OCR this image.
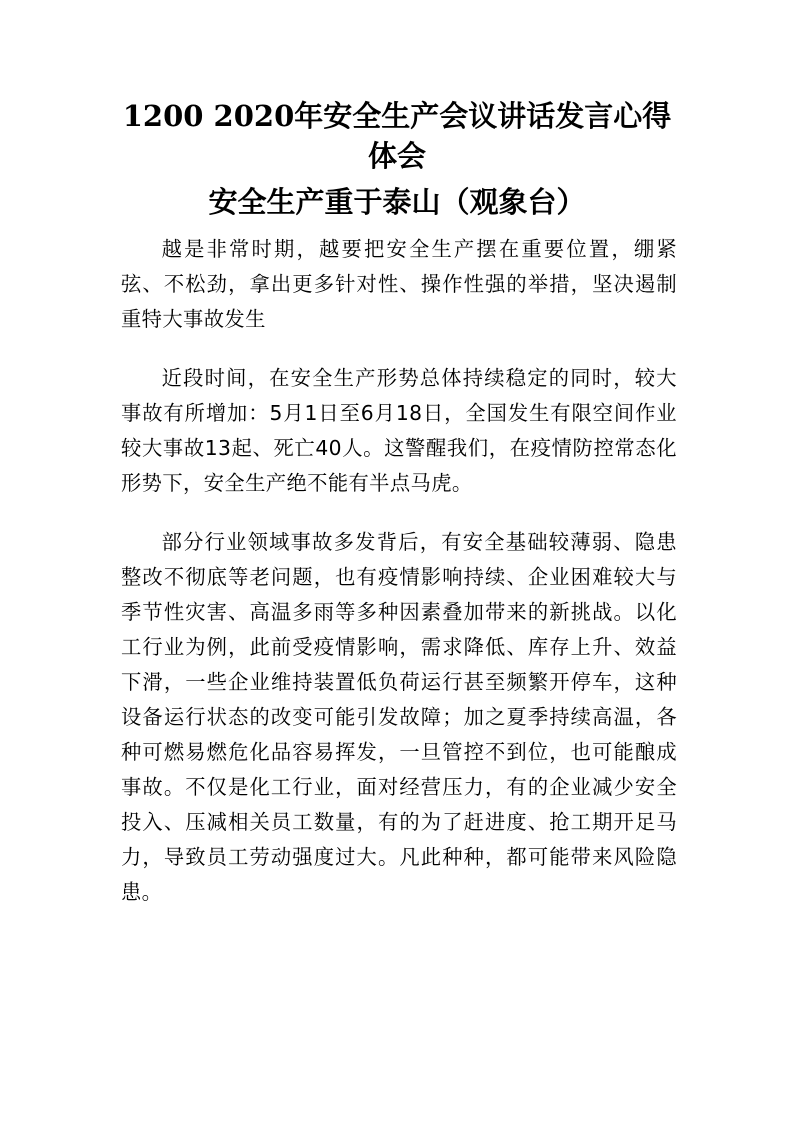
1200 2020年安全生产会议讲话发言心得
体会
安全生产重于泰山（观象台）

越是非常时期，越要把安全生产摆在重要位置，绷紧弦、不松劲，拿出更多针对性、操作性强的举措，坚决遏制重特大事故发生

近段时间，在安全生产形势总体持续稳定的同时，较大事故有所增加：5月1日至6月18日，全国发生有限空间作业较大事故13起、死亡40人。这警醒我们，在疫情防控常态化形势下，安全生产绝不能有半点马虎。

部分行业领域事故多发背后，有安全基础较薄弱、隐患整改不彻底等老问题，也有疫情影响持续、企业困难较大与季节性灾害、高温多雨等多种因素叠加带来的新挑战。以化工行业为例，此前受疫情影响，需求降低、库存上升、效益下滑，一些企业维持装置低负荷运行甚至频繁开停车，这种设备运行状态的改变可能引发故障；加之夏季持续高温，各种可燃易燃危化品容易挥发，一旦管控不到位，也可能酿成事故。不仅是化工行业，面对经营压力，有的企业减少安全投入、压减相关员工数量，有的为了赶进度、抢工期开足马力，导致员工劳动强度过大。凡此种种，都可能带来风险隐患。
